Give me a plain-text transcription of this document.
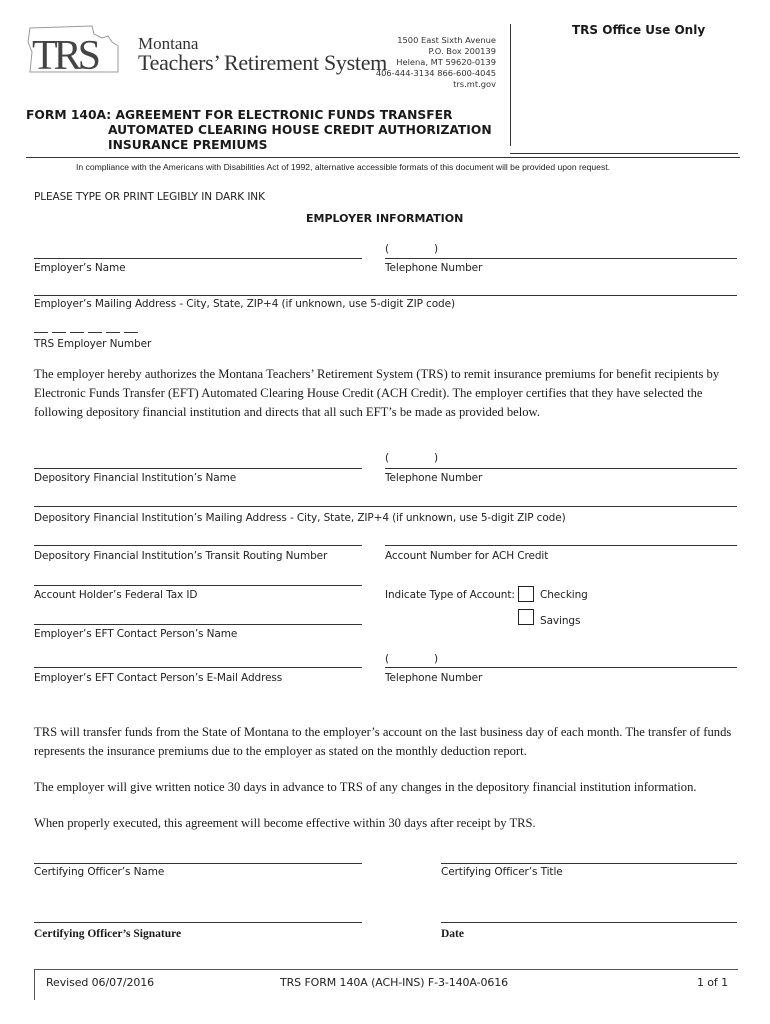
TRS Montana
Teachers’ Retirement System
1500 East Sixth Avenue
P.O. Box 200139
Helena, MT 59620-0139
406-444-3134 866-600-4045
trs.mt.gov
TRS Office Use Only
FORM 140A: AGREEMENT FOR ELECTRONIC FUNDS TRANSFER
AUTOMATED CLEARING HOUSE CREDIT AUTHORIZATION
INSURANCE PREMIUMS
In compliance with the Americans with Disabilities Act of 1992, alternative accessible formats of this document will be provided upon request.
PLEASE TYPE OR PRINT LEGIBLY IN DARK INK
EMPLOYER INFORMATION
(	)
Employer’s Name	Telephone Number
Employer’s Mailing Address - City, State, ZIP+4 (if unknown, use 5-digit ZIP code)
TRS Employer Number

The employer hereby authorizes the Montana Teachers’ Retirement System (TRS) to remit insurance premiums for benefit recipients by Electronic Funds Transfer (EFT) Automated Clearing House Credit (ACH Credit). The employer certifies that they have selected the following depository financial institution and directs that all such EFT’s be made as provided below.

(	)
Depository Financial Institution’s Name	Telephone Number
Depository Financial Institution’s Mailing Address - City, State, ZIP+4 (if unknown, use 5-digit ZIP code)
Depository Financial Institution’s Transit Routing Number	Account Number for ACH Credit
Account Holder’s Federal Tax ID	Indicate Type of Account: Checking
Savings
Employer’s EFT Contact Person’s Name
(	)
Employer’s EFT Contact Person’s E-Mail Address	Telephone Number

TRS will transfer funds from the State of Montana to the employer’s account on the last business day of each month. The transfer of funds represents the insurance premiums due to the employer as stated on the monthly deduction report.

The employer will give written notice 30 days in advance to TRS of any changes in the depository financial institution information.

When properly executed, this agreement will become effective within 30 days after receipt by TRS.

Certifying Officer’s Name	Certifying Officer’s Title
Certifying Officer’s Signature	Date
Revised 06/07/2016	TRS FORM 140A (ACH-INS) F-3-140A-0616	1 of 1
